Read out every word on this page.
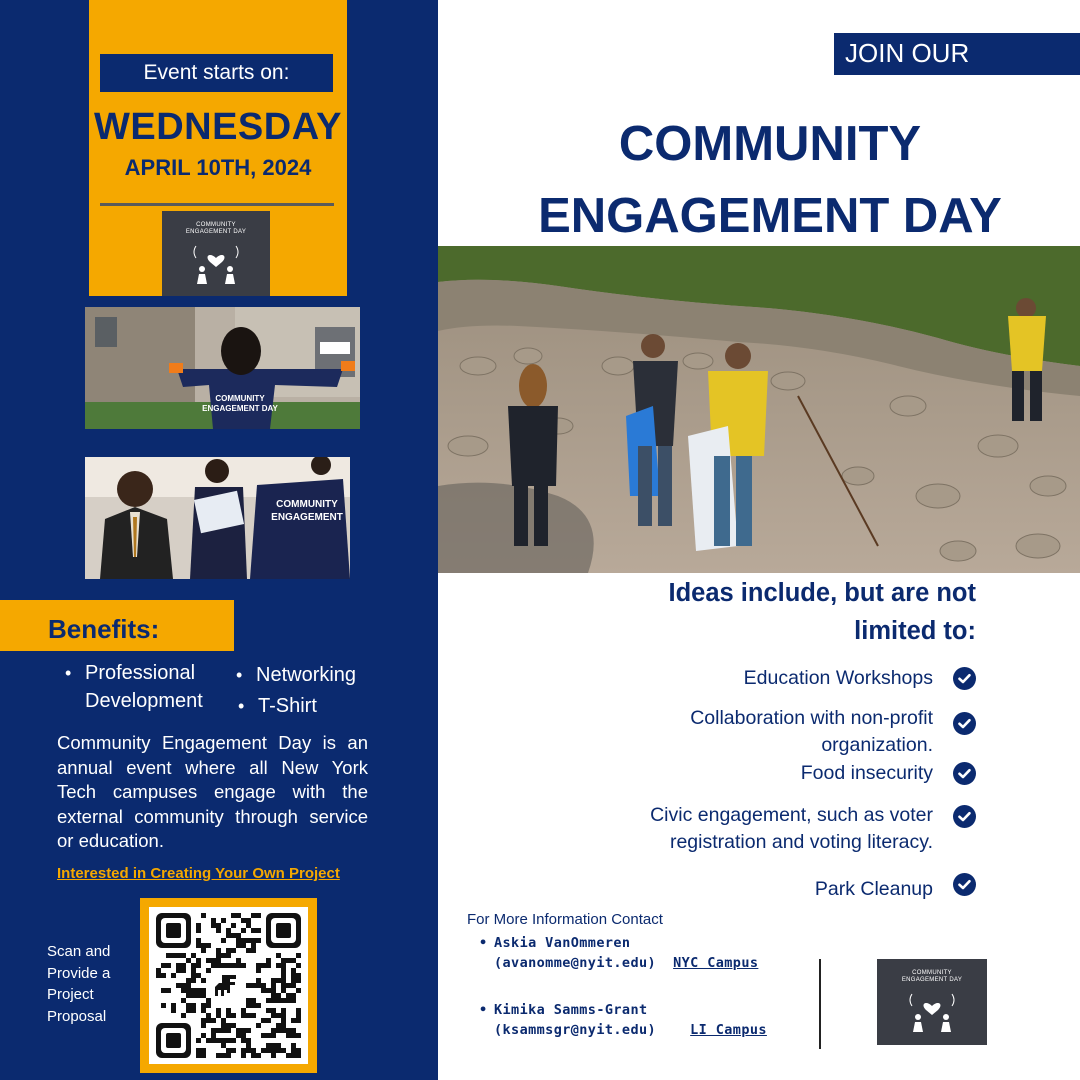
Event starts on:
WEDNESDAY
APRIL 10TH, 2024
COMMUNITY
ENGAGEMENT DAY
COMMUNITY
ENGAGEMENT DAY
COMMUNITY
ENGAGEMENT
Benefits:
• Professional Development
• Networking
• T-Shirt
Community Engagement Day is an annual event where all New York Tech campuses engage with the external community through service or education.
Interested in Creating Your Own Project
Scan and Provide a Project Proposal
JOIN OUR
COMMUNITY
ENGAGEMENT DAY
Ideas include, but are not
limited to:
Education Workshops
Collaboration with non-profit
organization.
Food insecurity
Civic engagement, such as voter
registration and voting literacy.
Park Cleanup
For More Information Contact
• Askia VanOmmeren
(avanomme@nyit.edu) NYC Campus
• Kimika Samms-Grant
(ksammsgr@nyit.edu)	LI Campus
COMMUNITY
ENGAGEMENT DAY
